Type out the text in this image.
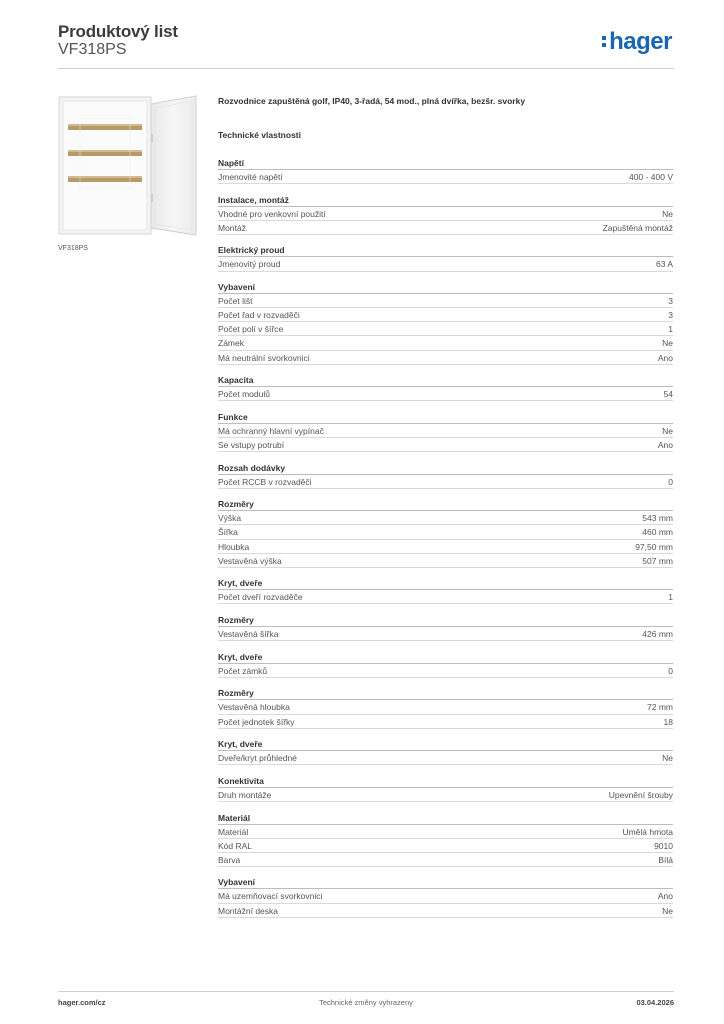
Produktový list
VF318PS	hager
VF318PS
Rozvodnice zapuštěná golf, IP40, 3-řadá, 54 mod., plná dvířka, bezšr. svorky
Technické vlastnosti
Napětí
Jmenovité napětí	400 - 400 V
Instalace, montáž
Vhodné pro venkovní použití	Ne
Montáž	Zapuštěná montáž
Elektrický proud
Jmenovitý proud	63 A
Vybavení
Počet lišt	3
Počet řad v rozvaděči	3
Počet polí v šířce	1
Zámek	Ne
Má neutrální svorkovnici	Ano
Kapacita
Počet modulů	54
Funkce
Má ochranný hlavní vypínač	Ne
Se vstupy potrubí	Ano
Rozsah dodávky
Počet RCCB v rozvaděči	0
Rozměry
Výška	543 mm
Šířka	460 mm
Hloubka	97,50 mm
Vestavěná výška	507 mm
Kryt, dveře
Počet dveří rozvaděče	1
Rozměry
Vestavěná šířka	426 mm
Kryt, dveře
Počet zámků	0
Rozměry
Vestavěná hloubka	72 mm
Počet jednotek šířky	18
Kryt, dveře
Dveře/kryt průhledné	Ne
Konektivita
Druh montáže	Upevnění šrouby
Materiál
Materiál	Umělá hmota
Kód RAL	9010
Barva	Bílá
Vybavení
Má uzemňovací svorkovnici	Ano
Montážní deska	Ne
hager.com/cz	Technické změny vyhrazeny	03.04.2026
